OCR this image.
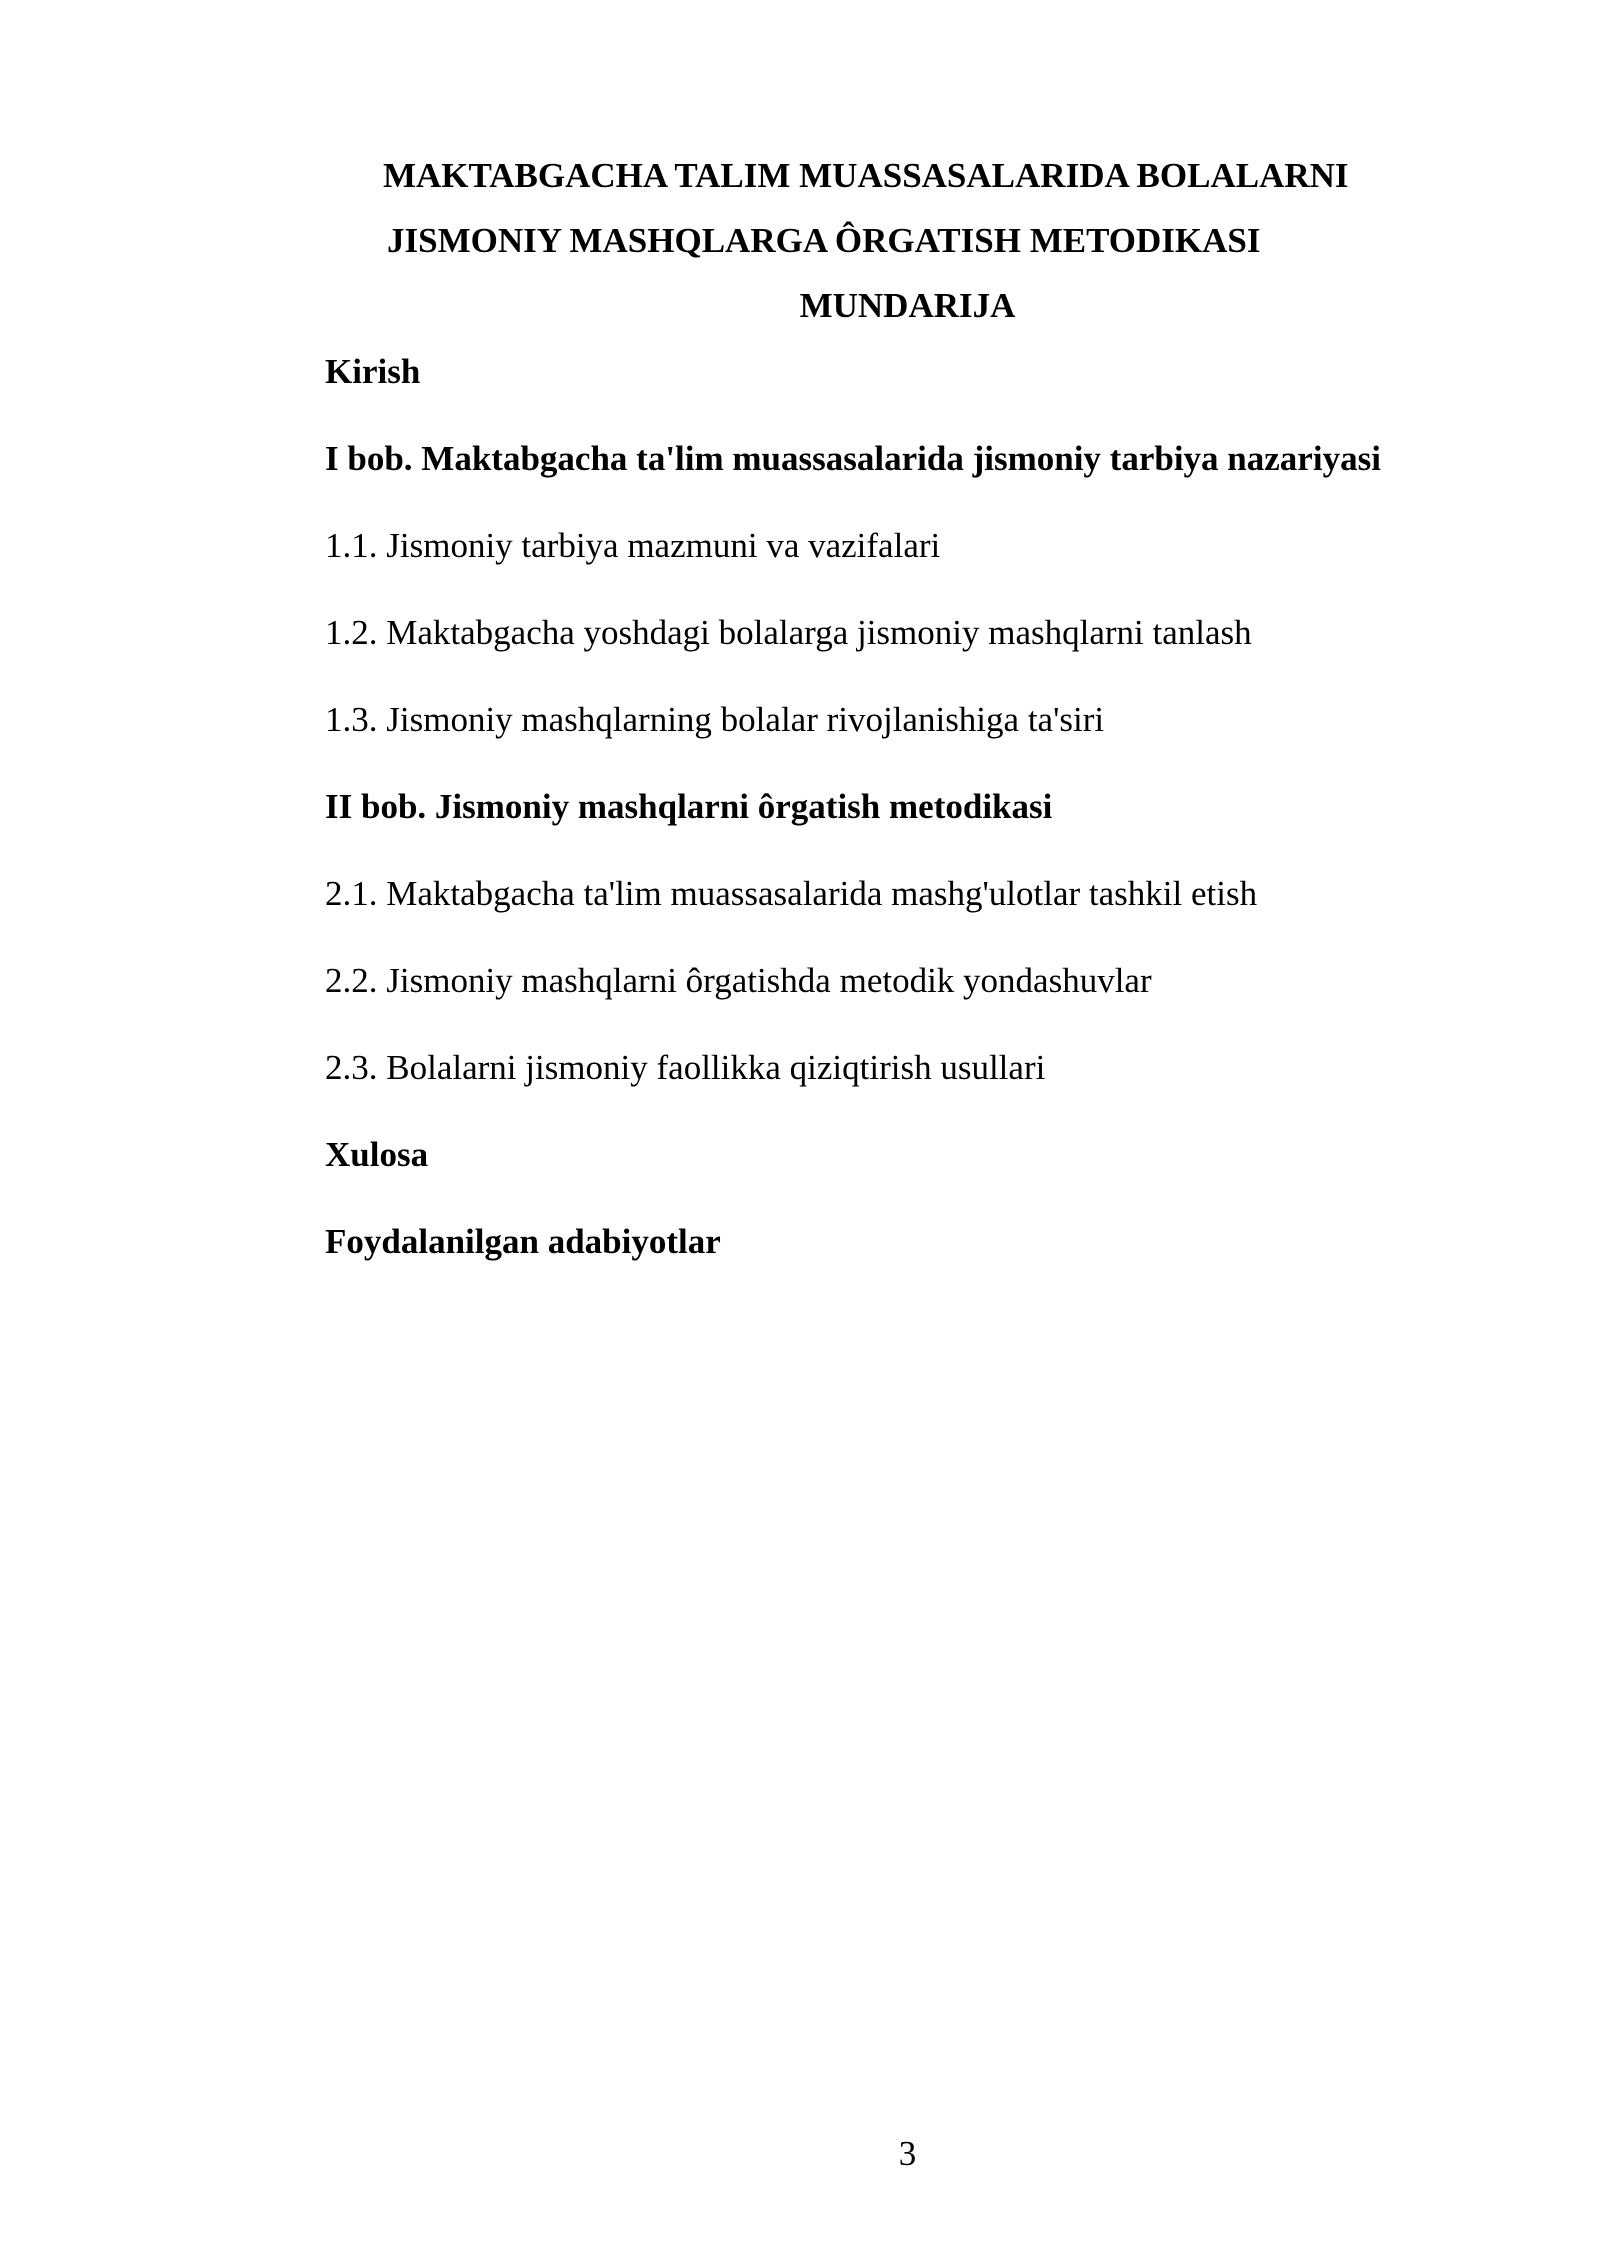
MAKTABGACHA TALIM MUASSASALARIDA BOLALARNI
JISMONIY MASHQLARGA ÔRGATISH METODIKASI
MUNDARIJA
Kirish
I bob. Maktabgacha ta'lim muassasalarida jismoniy tarbiya nazariyasi
1.1. Jismoniy tarbiya mazmuni va vazifalari
1.2. Maktabgacha yoshdagi bolalarga jismoniy mashqlarni tanlash
1.3. Jismoniy mashqlarning bolalar rivojlanishiga ta'siri
II bob. Jismoniy mashqlarni ôrgatish metodikasi
2.1. Maktabgacha ta'lim muassasalarida mashg'ulotlar tashkil etish
2.2. Jismoniy mashqlarni ôrgatishda metodik yondashuvlar
2.3. Bolalarni jismoniy faollikka qiziqtirish usullari
Xulosa
Foydalanilgan adabiyotlar
3
